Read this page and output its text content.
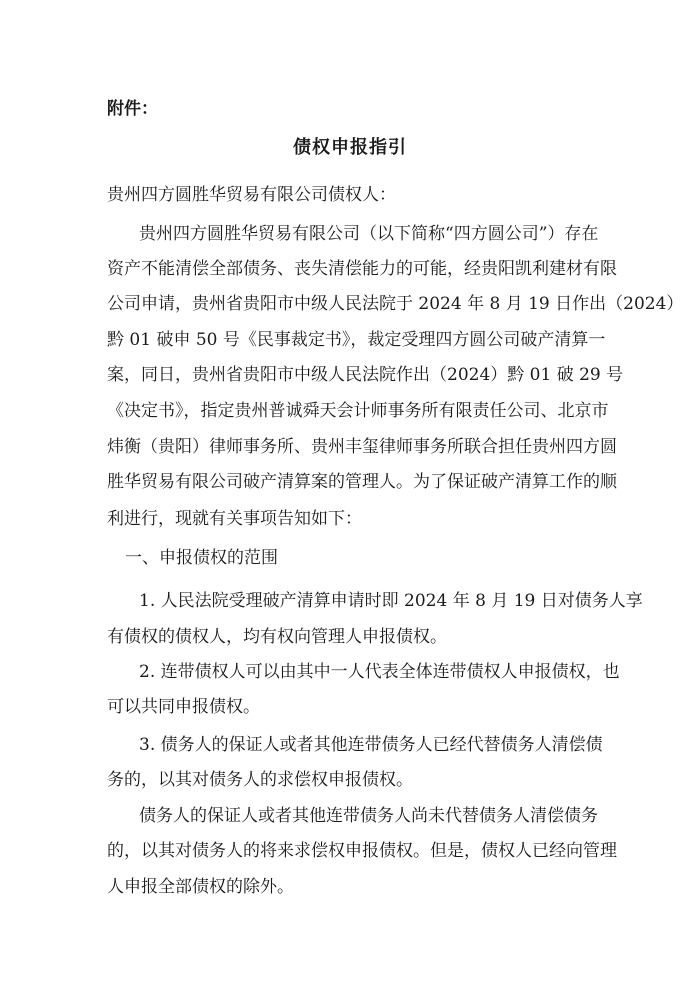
附件：
债权申报指引
贵州四方圆胜华贸易有限公司债权人：
贵州四方圆胜华贸易有限公司（以下简称“四方圆公司”）存在
资产不能清偿全部债务、丧失清偿能力的可能，经贵阳凯利建材有限
公司申请，贵州省贵阳市中级人民法院于 2024 年 8 月 19 日作出（2024）
黔 01 破申 50 号《民事裁定书》，裁定受理四方圆公司破产清算一
案，同日，贵州省贵阳市中级人民法院作出（2024）黔 01 破 29 号
《决定书》，指定贵州普诚舜天会计师事务所有限责任公司、北京市
炜衡（贵阳）律师事务所、贵州丰玺律师事务所联合担任贵州四方圆
胜华贸易有限公司破产清算案的管理人。为了保证破产清算工作的顺
利进行，现就有关事项告知如下：
一、申报债权的范围
1. 人民法院受理破产清算申请时即 2024 年 8 月 19 日对债务人享
有债权的债权人，均有权向管理人申报债权。
2. 连带债权人可以由其中一人代表全体连带债权人申报债权，也
可以共同申报债权。
3. 债务人的保证人或者其他连带债务人已经代替债务人清偿债
务的，以其对债务人的求偿权申报债权。
债务人的保证人或者其他连带债务人尚未代替债务人清偿债务
的，以其对债务人的将来求偿权申报债权。但是，债权人已经向管理
人申报全部债权的除外。
